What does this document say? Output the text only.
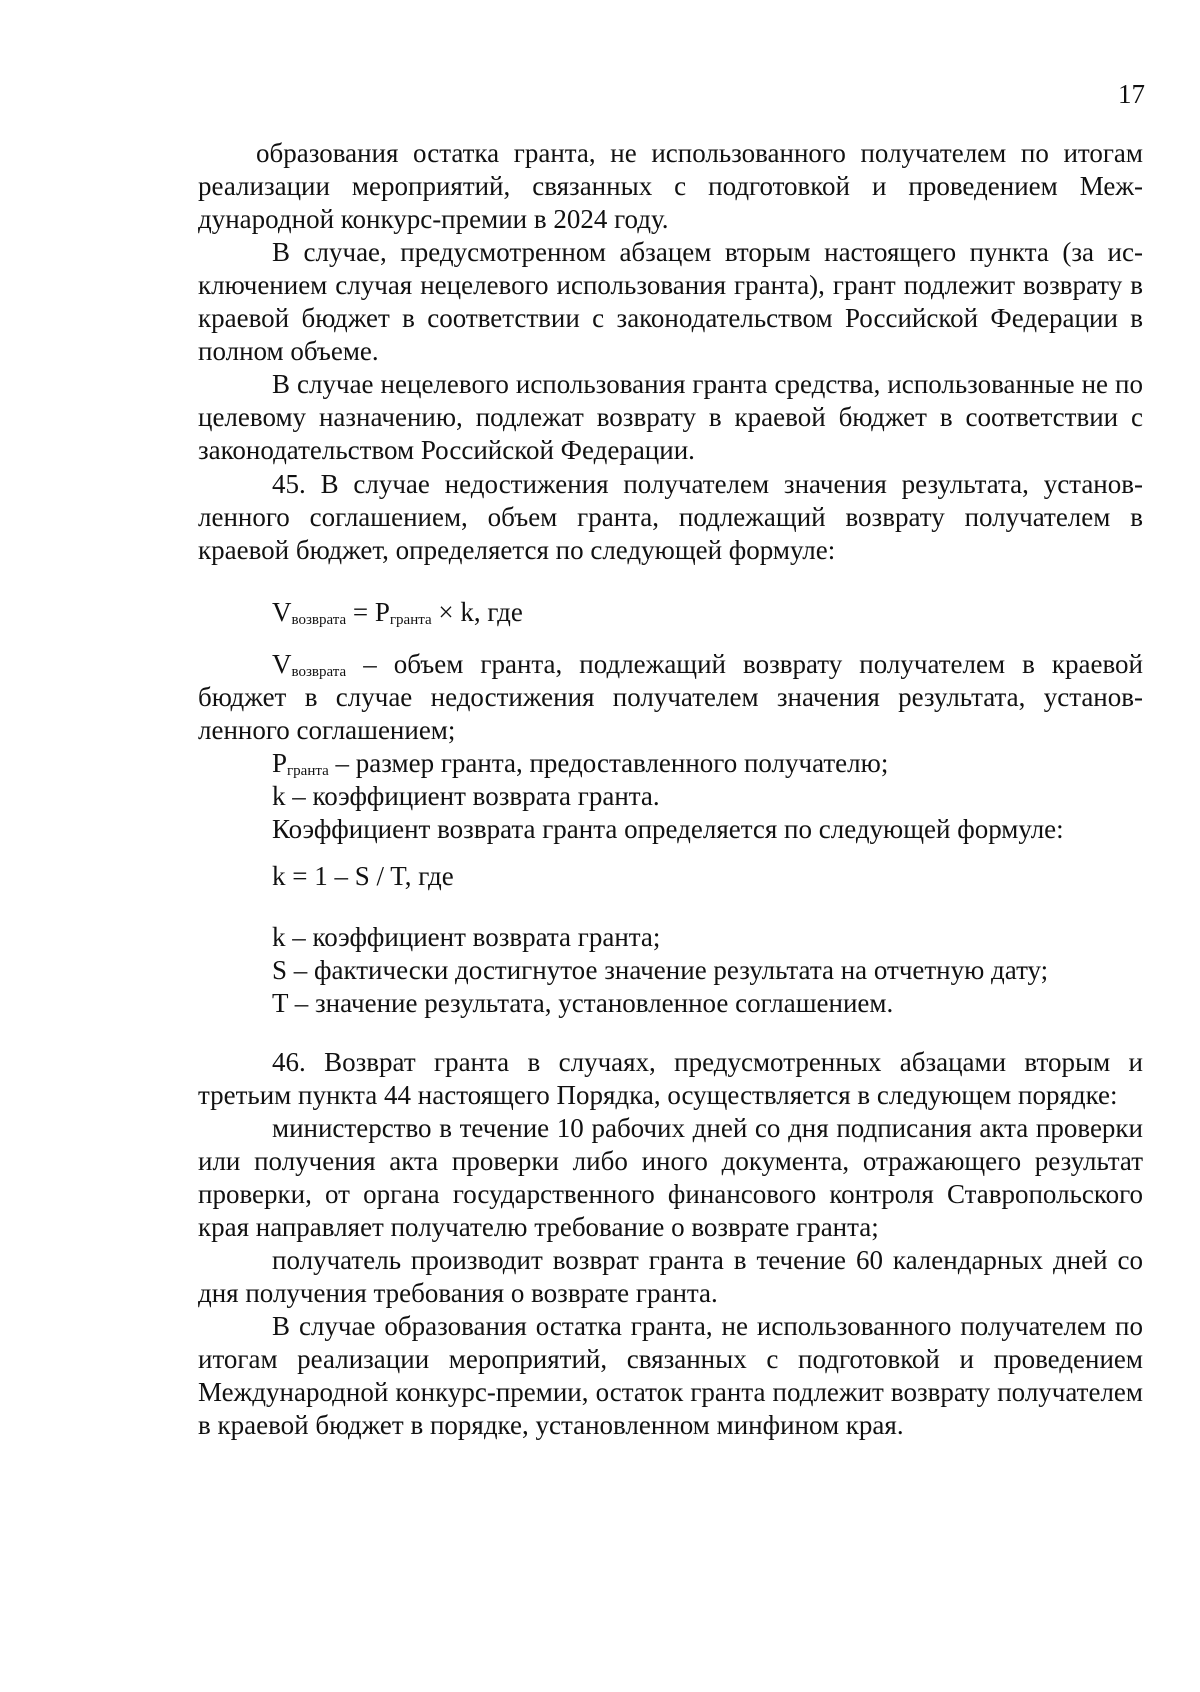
17

образования остатка гранта, не использованного получателем по итогам реализации мероприятий, связанных с подготовкой и проведением Международной конкурс-премии в 2024 году.

В случае, предусмотренном абзацем вторым настоящего пункта (за исключением случая нецелевого использования гранта), грант подлежит возврату в краевой бюджет в соответствии с законодательством Российской Федерации в полном объеме.

В случае нецелевого использования гранта средства, использованные не по целевому назначению, подлежат возврату в краевой бюджет в соответствии с законодательством Российской Федерации.

45. В случае недостижения получателем значения результата, установленного соглашением, объем гранта, подлежащий возврату получателем в краевой бюджет, определяется по следующей формуле:

$V_{возврата} = P_{гранта} \times k$, где

$V_{возврата}$ – объем гранта, подлежащий возврату получателем в краевой бюджет в случае недостижения получателем значения результата, установленного соглашением;

$P_{гранта}$ – размер гранта, предоставленного получателю;

k – коэффициент возврата гранта.

Коэффициент возврата гранта определяется по следующей формуле:

k = 1 – S / T, где

k – коэффициент возврата гранта;

S – фактически достигнутое значение результата на отчетную дату;

T – значение результата, установленное соглашением.

46. Возврат гранта в случаях, предусмотренных абзацами вторым и третьим пункта 44 настоящего Порядка, осуществляется в следующем порядке:

министерство в течение 10 рабочих дней со дня подписания акта проверки или получения акта проверки либо иного документа, отражающего результат проверки, от органа государственного финансового контроля Ставропольского края направляет получателю требование о возврате гранта;

получатель производит возврат гранта в течение 60 календарных дней со дня получения требования о возврате гранта.

В случае образования остатка гранта, не использованного получателем по итогам реализации мероприятий, связанных с подготовкой и проведением Международной конкурс-премии, остаток гранта подлежит возврату получателем в краевой бюджет в порядке, установленном минфином края.
